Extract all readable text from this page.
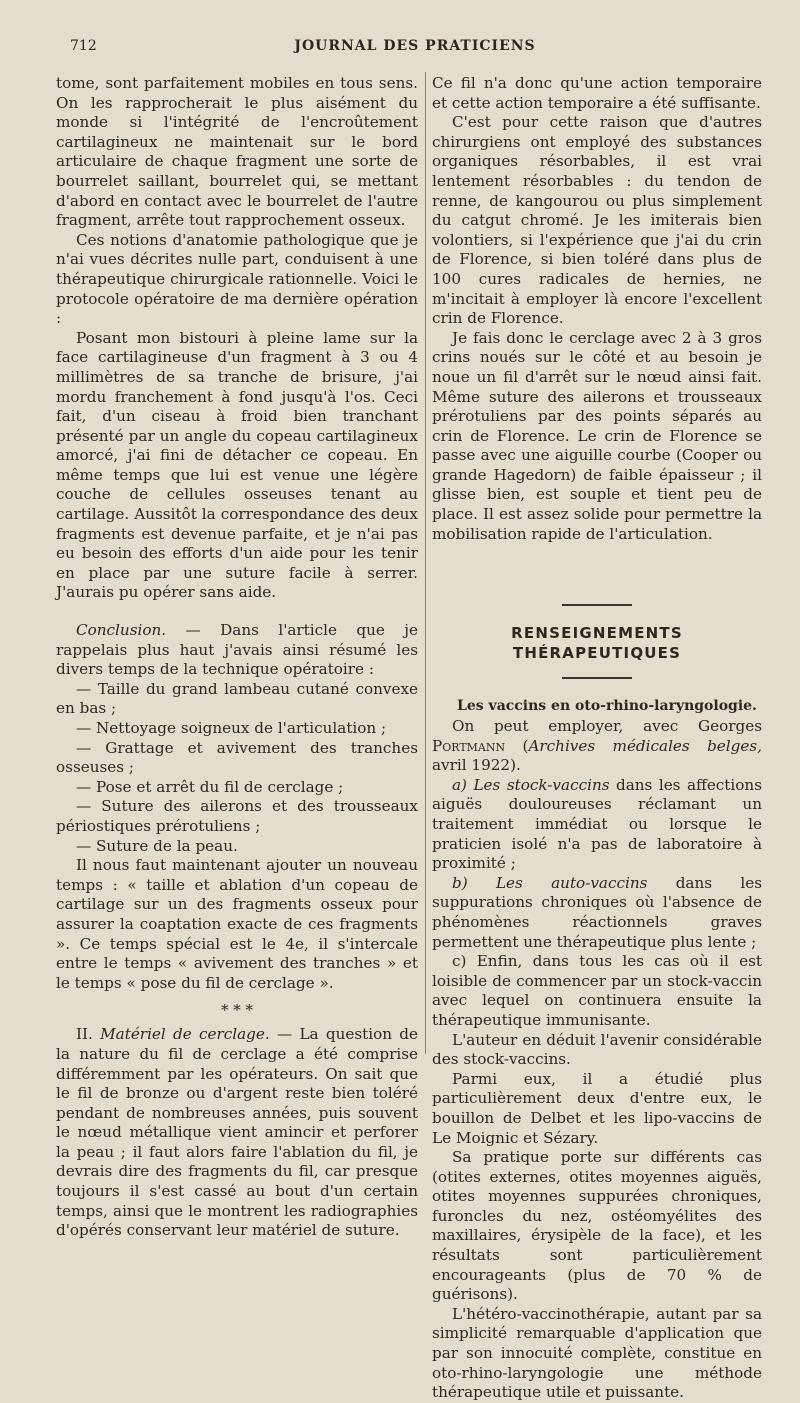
712	JOURNAL DES PRATICIENS

tome, sont parfaitement mobiles en tous sens. On les rapprocherait le plus aisément du monde si l'intégrité de l'encroûtement cartilagineux ne maintenait sur le bord articulaire de chaque fragment une sorte de bourrelet saillant, bourrelet qui, se mettant d'abord en contact avec le bourrelet de l'autre fragment, arrête tout rapprochement osseux.

Ces notions d'anatomie pathologique que je n'ai vues décrites nulle part, conduisent à une thérapeutique chirurgicale rationnelle. Voici le protocole opératoire de ma dernière opération :

Posant mon bistouri à pleine lame sur la face cartilagineuse d'un fragment à 3 ou 4 millimètres de sa tranche de brisure, j'ai mordu franchement à fond jusqu'à l'os. Ceci fait, d'un ciseau à froid bien tranchant présenté par un angle du copeau cartilagineux amorcé, j'ai fini de détacher ce copeau. En même temps que lui est venue une légère couche de cellules osseuses tenant au cartilage. Aussitôt la correspondance des deux fragments est devenue parfaite, et je n'ai pas eu besoin des efforts d'un aide pour les tenir en place par une suture facile à serrer. J'aurais pu opérer sans aide.

Conclusion. — Dans l'article que je rappelais plus haut j'avais ainsi résumé les divers temps de la technique opératoire :

— Taille du grand lambeau cutané convexe en bas ;

— Nettoyage soigneux de l'articulation ;

— Grattage et avivement des tranches osseuses ;

— Pose et arrêt du fil de cerclage ;

— Suture des ailerons et des trousseaux périostiques prérotuliens ;

— Suture de la peau.

Il nous faut maintenant ajouter un nouveau temps : « taille et ablation d'un copeau de cartilage sur un des fragments osseux pour assurer la coaptation exacte de ces fragments ». Ce temps spécial est le 4e, il s'intercale entre le temps « avivement des tranches » et le temps « pose du fil de cerclage ».

* * *

II. Matériel de cerclage. — La question de la nature du fil de cerclage a été comprise différemment par les opérateurs. On sait que le fil de bronze ou d'argent reste bien toléré pendant de nombreuses années, puis souvent le nœud métallique vient amincir et perforer la peau ; il faut alors faire l'ablation du fil, je devrais dire des fragments du fil, car presque toujours il s'est cassé au bout d'un certain temps, ainsi que le montrent les radiographies d'opérés conservant leur matériel de suture.

Ce fil n'a donc qu'une action temporaire et cette action temporaire a été suffisante.

C'est pour cette raison que d'autres chirurgiens ont employé des substances organiques résorbables, il est vrai lentement résorbables : du tendon de renne, de kangourou ou plus simplement du catgut chromé. Je les imiterais bien volontiers, si l'expérience que j'ai du crin de Florence, si bien toléré dans plus de 100 cures radicales de hernies, ne m'incitait à employer là encore l'excellent crin de Florence.

Je fais donc le cerclage avec 2 à 3 gros crins noués sur le côté et au besoin je noue un fil d'arrêt sur le nœud ainsi fait. Même suture des ailerons et trousseaux prérotuliens par des points séparés au crin de Florence. Le crin de Florence se passe avec une aiguille courbe (Cooper ou grande Hagedorn) de faible épaisseur ; il glisse bien, est souple et tient peu de place. Il est assez solide pour permettre la mobilisation rapide de l'articulation.

RENSEIGNEMENTS THÉRAPEUTIQUES

Les vaccins en oto-rhino-laryngologie.

On peut employer, avec Georges Portmann (Archives médicales belges, avril 1922).

a) Les stock-vaccins dans les affections aiguës douloureuses réclamant un traitement immédiat ou lorsque le praticien isolé n'a pas de laboratoire à proximité ;

b) Les auto-vaccins dans les suppurations chroniques où l'absence de phénomènes réactionnels graves permettent une thérapeutique plus lente ;

c) Enfin, dans tous les cas où il est loisible de commencer par un stock-vaccin avec lequel on continuera ensuite la thérapeutique immunisante.

L'auteur en déduit l'avenir considérable des stock-vaccins.

Parmi eux, il a étudié plus particulièrement deux d'entre eux, le bouillon de Delbet et les lipo-vaccins de Le Moignic et Sézary.

Sa pratique porte sur différents cas (otites externes, otites moyennes aiguës, otites moyennes suppurées chroniques, furoncles du nez, ostéomyélites des maxillaires, érysipèle de la face), et les résultats sont particulièrement encourageants (plus de 70 % de guérisons).

L'hétéro-vaccinothérapie, autant par sa simplicité remarquable d'application que par son innocuité complète, constitue en oto-rhino-laryngologie une méthode thérapeutique utile et puissante.
